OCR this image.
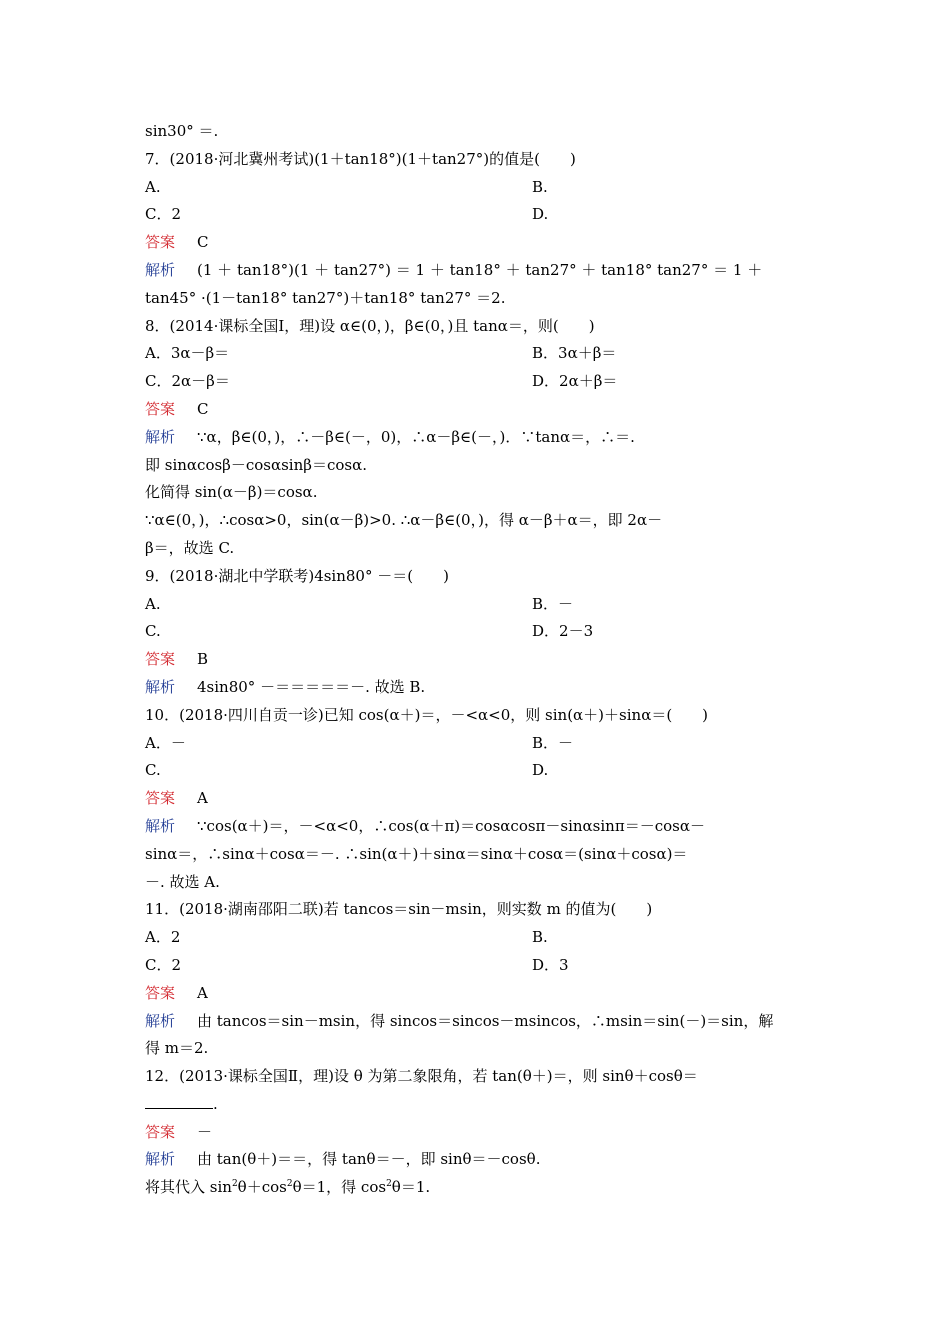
sin30° ＝.
7．(2018·河北冀州考试)(1＋tan18°)(1＋tan27°)的值是(　　)
A.	B.
C．2	D.
答案 C
解析 (1 ＋ tan18°)(1 ＋ tan27°) ＝ 1 ＋ tan18° ＋ tan27° ＋ tan18° tan27° ＝ 1 ＋
tan45° ·(1－tan18° tan27°)＋tan18° tan27° ＝2.
8．(2014·课标全国Ⅰ，理)设 α∈(0，)，β∈(0，)且 tanα＝，则(　　)
A．3α－β＝	B．3α＋β＝
C．2α－β＝	D．2α＋β＝
答案 C
解析 ∵α，β∈(0，)，∴－β∈(－，0)，∴α－β∈(－，)．∵tanα＝，∴＝.
即 sinαcosβ－cosαsinβ＝cosα.
化简得 sin(α－β)＝cosα.
∵α∈(0，)，∴cosα>0，sin(α－β)>0. ∴α－β∈(0，)，得 α－β＋α＝，即 2α－
β＝，故选 C.
9．(2018·湖北中学联考)4sin80° －＝(　　)
A.	B．－
C.	D．2－3
答案 B
解析 4sin80° －＝＝＝＝＝－. 故选 B.
10．(2018·四川自贡一诊)已知 cos(α＋)＝，－<α<0，则 sin(α＋)＋sinα＝(　　)
A．－	B．－
C.	D.
答案 A
解析 ∵cos(α＋)＝，－<α<0，∴cos(α＋π)＝cosαcosπ－sinαsinπ＝－cosα－
sinα＝，∴sinα＋cosα＝－. ∴sin(α＋)＋sinα＝sinα＋cosα＝(sinα＋cosα)＝
－. 故选 A.
11．(2018·湖南邵阳二联)若 tancos＝sin－msin，则实数 m 的值为(　　)
A．2	B.
C．2	D．3
答案 A
解析 由 tancos＝sin－msin，得 sincos＝sincos－msincos，∴msin＝sin(－)＝sin，解
得 m＝2.
12．(2013·课标全国Ⅱ，理)设 θ 为第二象限角，若 tan(θ＋)＝，则 sinθ＋cosθ＝
.
答案 －
解析 由 tan(θ＋)＝＝，得 tanθ＝－，即 sinθ＝－cosθ.
将其代入 $\sin^2\theta+\cos^2\theta=1$，得 $\cos^2\theta=1$.
